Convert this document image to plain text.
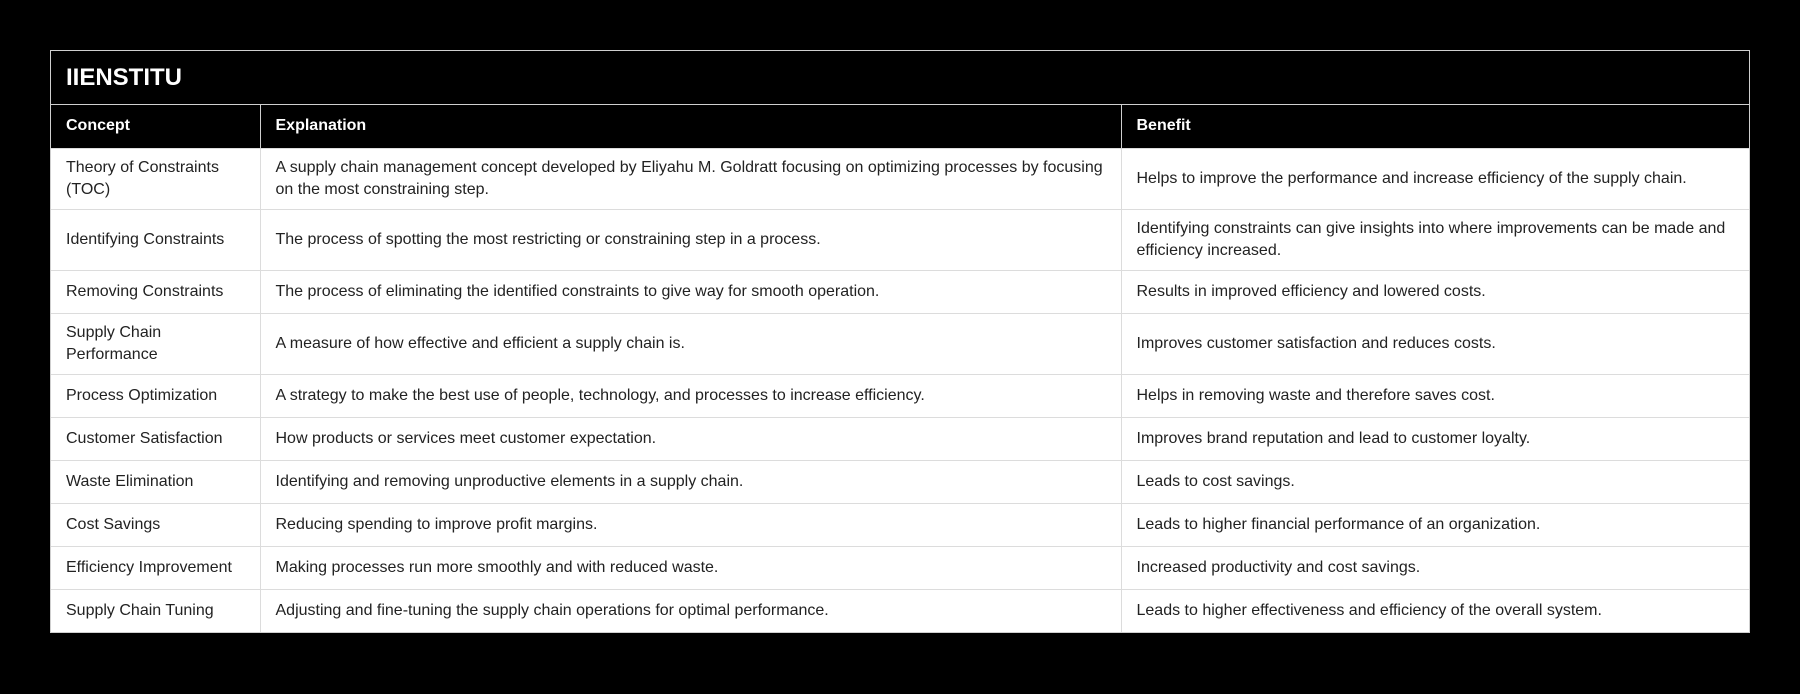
IIENSTITU
Concept	Explanation	Benefit
Theory of Constraints (TOC)	A supply chain management concept developed by Eliyahu M. Goldratt focusing on optimizing processes by focusing on the most constraining step.	Helps to improve the performance and increase efficiency of the supply chain.
Identifying Constraints	The process of spotting the most restricting or constraining step in a process.	Identifying constraints can give insights into where improvements can be made and efficiency increased.
Removing Constraints	The process of eliminating the identified constraints to give way for smooth operation.	Results in improved efficiency and lowered costs.
Supply Chain Performance	A measure of how effective and efficient a supply chain is.	Improves customer satisfaction and reduces costs.
Process Optimization	A strategy to make the best use of people, technology, and processes to increase efficiency.	Helps in removing waste and therefore saves cost.
Customer Satisfaction	How products or services meet customer expectation.	Improves brand reputation and lead to customer loyalty.
Waste Elimination	Identifying and removing unproductive elements in a supply chain.	Leads to cost savings.
Cost Savings	Reducing spending to improve profit margins.	Leads to higher financial performance of an organization.
Efficiency Improvement	Making processes run more smoothly and with reduced waste.	Increased productivity and cost savings.
Supply Chain Tuning	Adjusting and fine-tuning the supply chain operations for optimal performance.	Leads to higher effectiveness and efficiency of the overall system.
